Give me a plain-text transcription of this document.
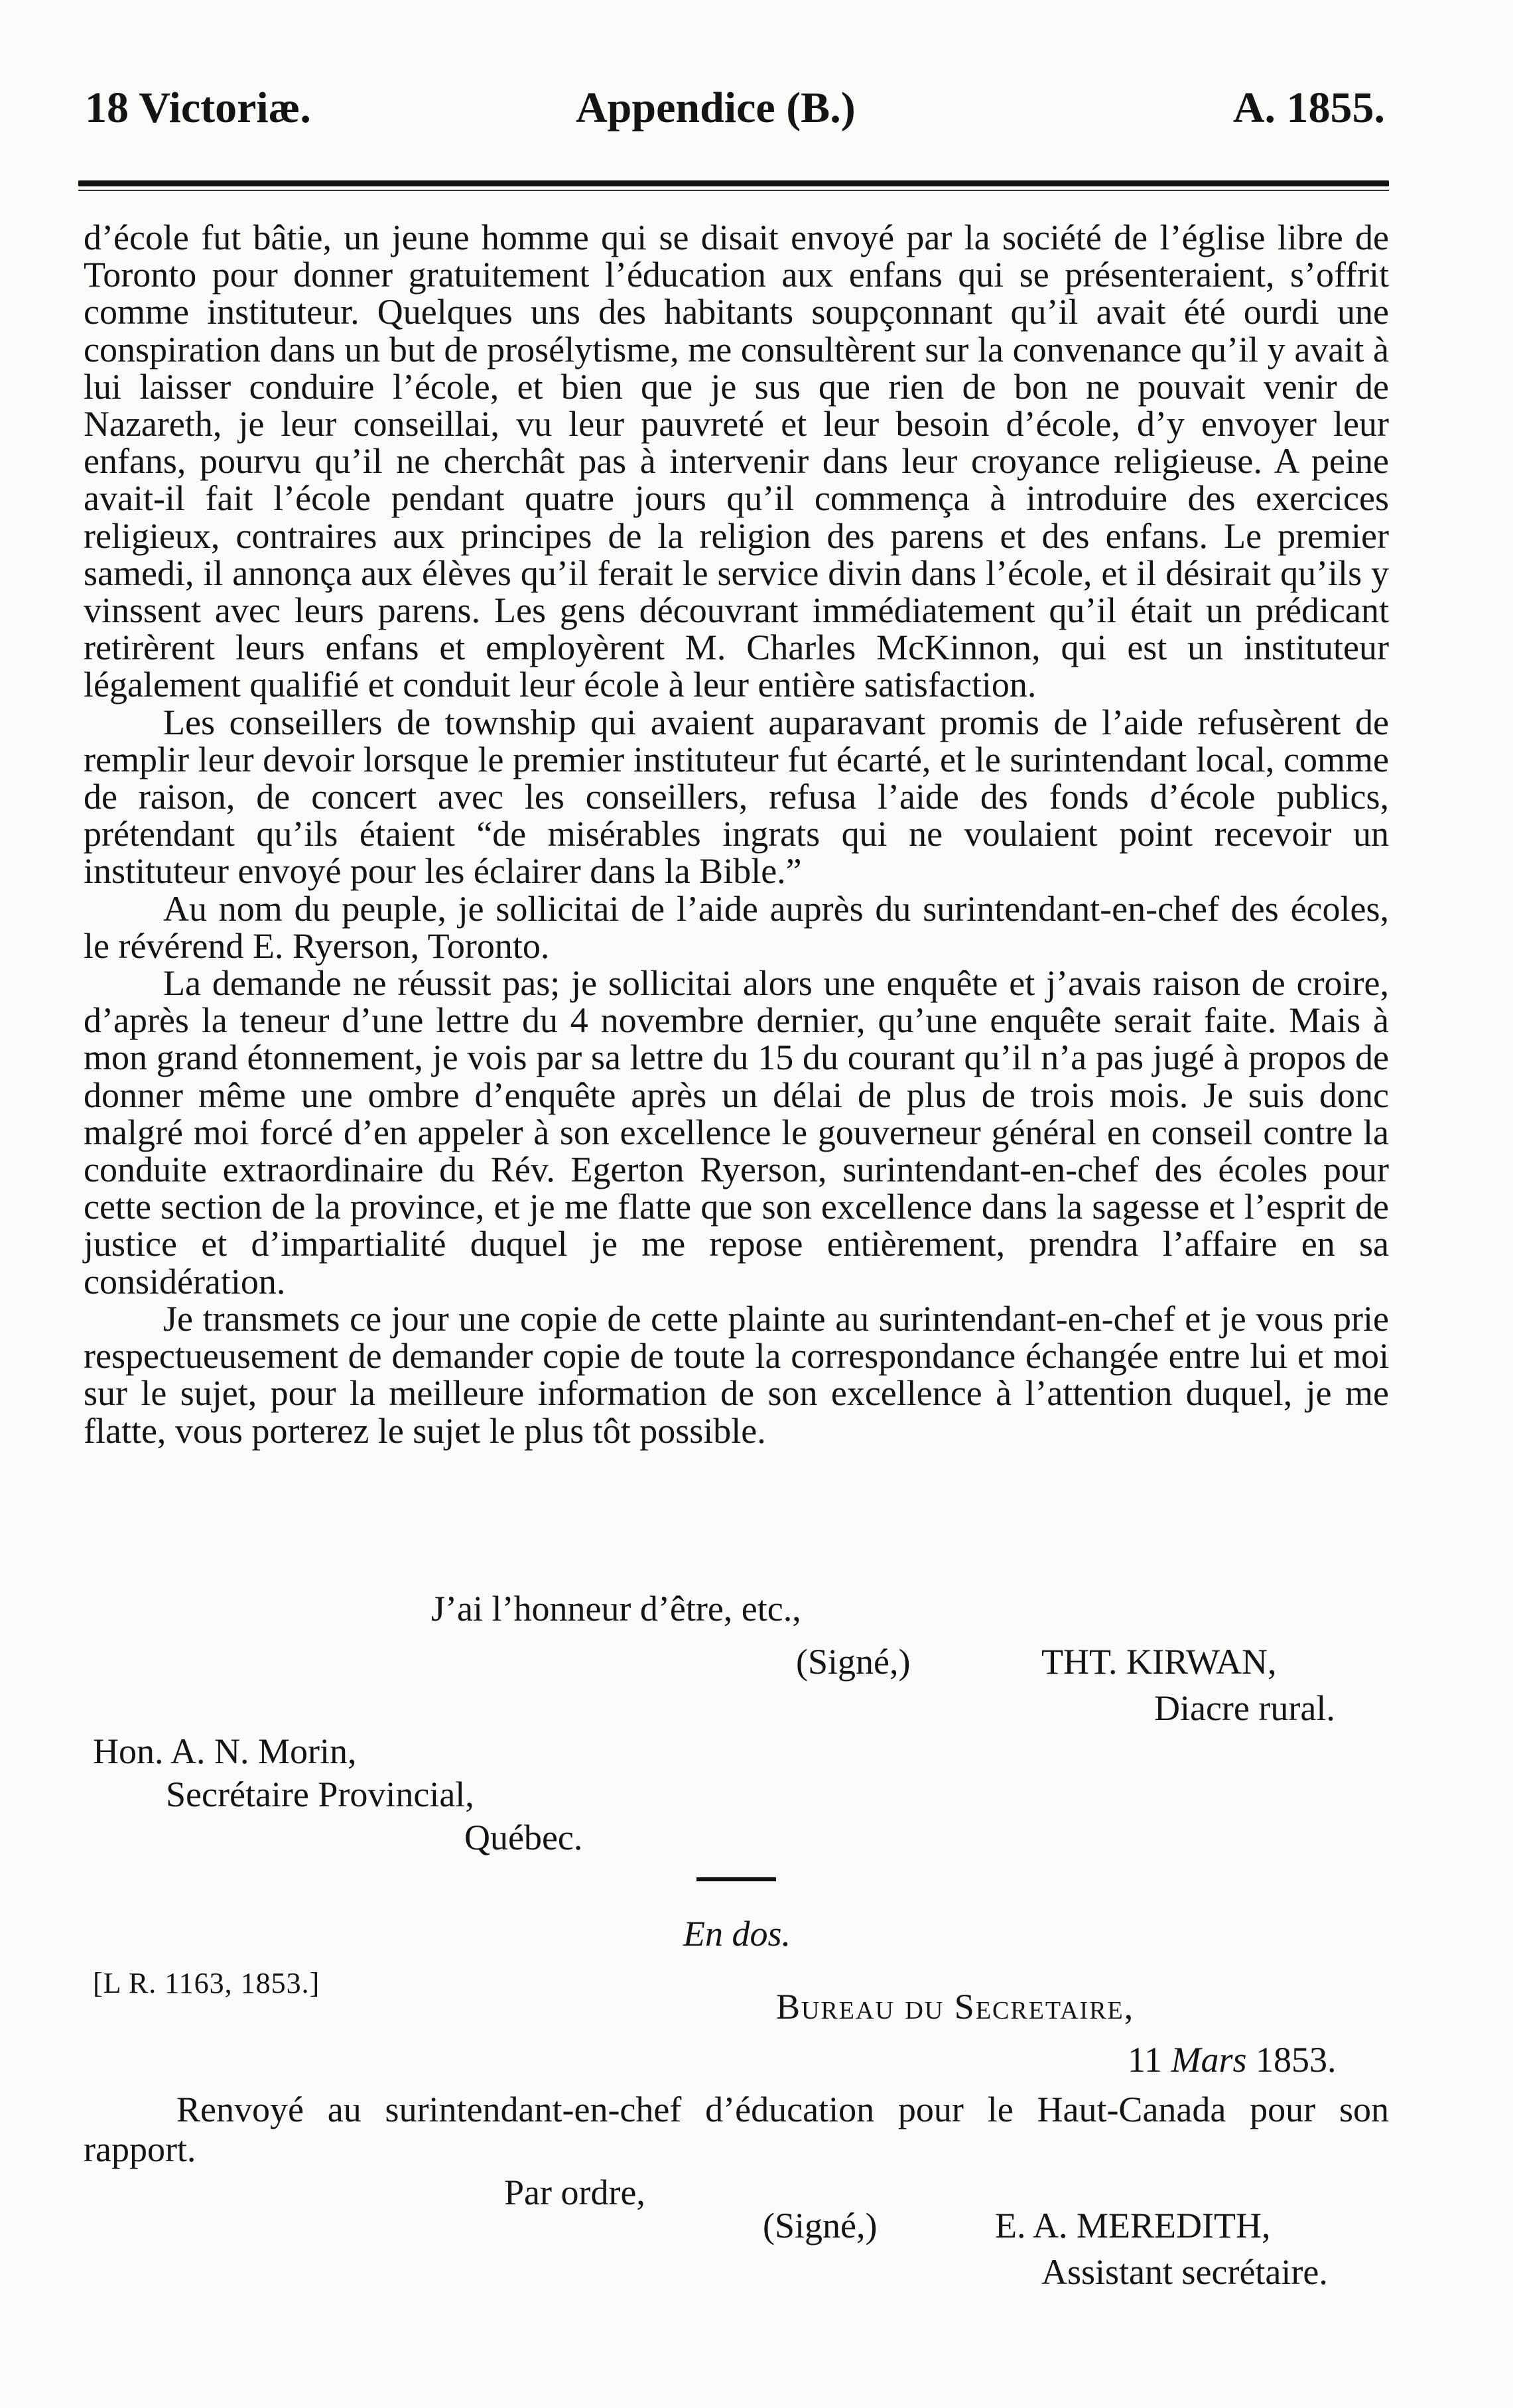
18 Victoriæ.	Appendice (B.)	A. 1855.

d’école fut bâtie, un jeune homme qui se disait envoyé par la société de l’église libre de Toronto pour donner gratuitement l’éducation aux enfans qui se présenteraient, s’offrit comme instituteur. Quelques uns des habitants soupçonnant qu’il avait été ourdi une conspiration dans un but de prosélytisme, me consultèrent sur la convenance qu’il y avait à lui laisser conduire l’école, et bien que je sus que rien de bon ne pouvait venir de Nazareth, je leur conseillai, vu leur pauvreté et leur besoin d’école, d’y envoyer leur enfans, pourvu qu’il ne cherchât pas à intervenir dans leur croyance religieuse. A peine avait-il fait l’école pendant quatre jours qu’il commença à introduire des exercices religieux, contraires aux principes de la religion des parens et des enfans. Le premier samedi, il annonça aux élèves qu’il ferait le service divin dans l’école, et il désirait qu’ils y vinssent avec leurs parens. Les gens découvrant immédiatement qu’il était un prédicant retirèrent leurs enfans et employèrent M. Charles McKinnon, qui est un instituteur légalement qualifié et conduit leur école à leur entière satisfaction.

Les conseillers de township qui avaient auparavant promis de l’aide refusèrent de remplir leur devoir lorsque le premier instituteur fut écarté, et le surintendant local, comme de raison, de concert avec les conseillers, refusa l’aide des fonds d’école publics, prétendant qu’ils étaient “de misérables ingrats qui ne voulaient point recevoir un instituteur envoyé pour les éclairer dans la Bible.”

Au nom du peuple, je sollicitai de l’aide auprès du surintendant-en-chef des écoles, le révérend E. Ryerson, Toronto.

La demande ne réussit pas; je sollicitai alors une enquête et j’avais raison de croire, d’après la teneur d’une lettre du 4 novembre dernier, qu’une enquête serait faite. Mais à mon grand étonnement, je vois par sa lettre du 15 du courant qu’il n’a pas jugé à propos de donner même une ombre d’enquête après un délai de plus de trois mois. Je suis donc malgré moi forcé d’en appeler à son excellence le gouverneur général en conseil contre la conduite extraordinaire du Rév. Egerton Ryerson, surintendant-en-chef des écoles pour cette section de la province, et je me flatte que son excellence dans la sagesse et l’esprit de justice et d’impartialité duquel je me repose entièrement, prendra l’affaire en sa considération.

Je transmets ce jour une copie de cette plainte au surintendant-en-chef et je vous prie respectueusement de demander copie de toute la correspondance échangée entre lui et moi sur le sujet, pour la meilleure information de son excellence à l’attention duquel, je me flatte, vous porterez le sujet le plus tôt possible.

J’ai l’honneur d’être, etc.,
(Signé,)	THT. KIRWAN,
Diacre rural.
Hon. A. N. Morin,
Secrétaire Provincial,
Québec.
En dos.
[L R. 1163, 1853.]
Bureau du Secretaire,
11 Mars 1853.
Renvoyé au surintendant-en-chef d’éducation pour le Haut-Canada pour son rapport.
Par ordre,
(Signé,)	E. A. MEREDITH,
Assistant secrétaire.
